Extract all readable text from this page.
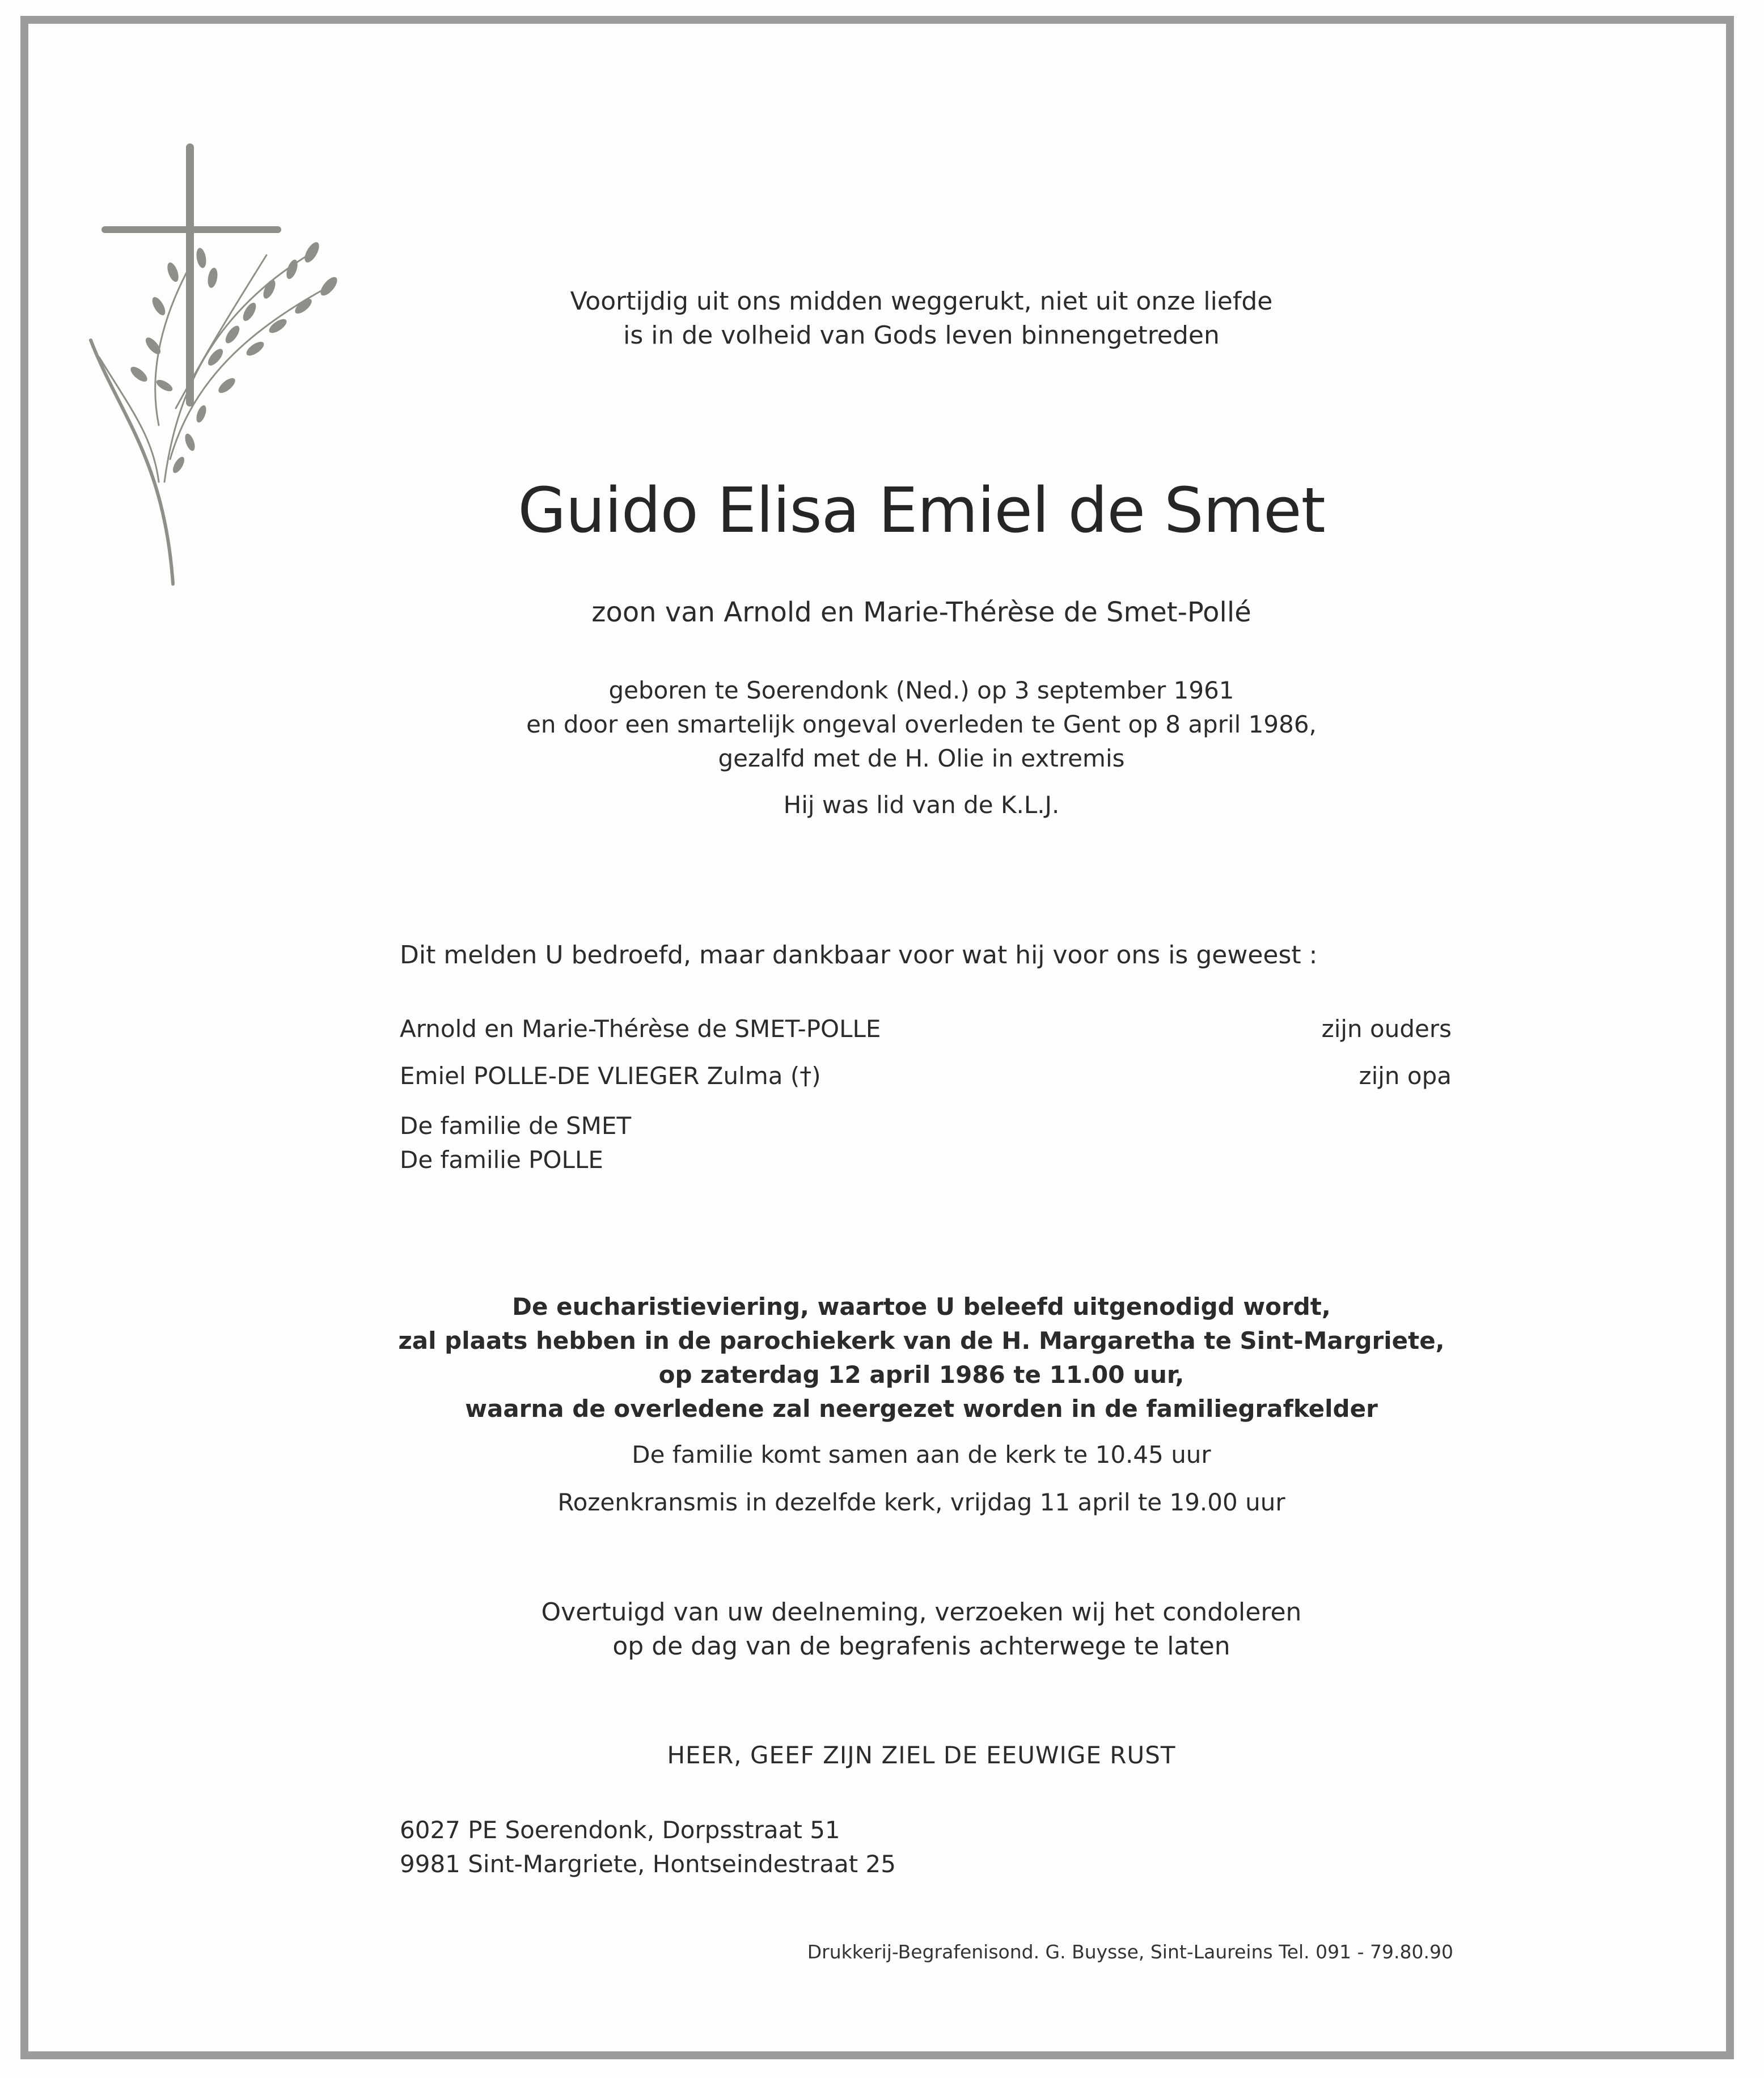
Voortijdig uit ons midden weggerukt, niet uit onze liefde
is in de volheid van Gods leven binnengetreden
Guido Elisa Emiel de Smet
zoon van Arnold en Marie-Thérèse de Smet-Pollé
geboren te Soerendonk (Ned.) op 3 september 1961
en door een smartelijk ongeval overleden te Gent op 8 april 1986,
gezalfd met de H. Olie in extremis
Hij was lid van de K.L.J.
Dit melden U bedroefd, maar dankbaar voor wat hij voor ons is geweest :
Arnold en Marie-Thérèse de SMET-POLLE	zijn ouders
Emiel POLLE-DE VLIEGER Zulma (†)	zijn opa
De familie de SMET
De familie POLLE
De eucharistieviering, waartoe U beleefd uitgenodigd wordt,
zal plaats hebben in de parochiekerk van de H. Margaretha te Sint-Margriete,
op zaterdag 12 april 1986 te 11.00 uur,
waarna de overledene zal neergezet worden in de familiegrafkelder
De familie komt samen aan de kerk te 10.45 uur
Rozenkransmis in dezelfde kerk, vrijdag 11 april te 19.00 uur
Overtuigd van uw deelneming, verzoeken wij het condoleren
op de dag van de begrafenis achterwege te laten
HEER, GEEF ZIJN ZIEL DE EEUWIGE RUST
6027 PE Soerendonk, Dorpsstraat 51
9981 Sint-Margriete, Hontseindestraat 25
Drukkerij-Begrafenisond. G. Buysse, Sint-Laureins Tel. 091 - 79.80.90
